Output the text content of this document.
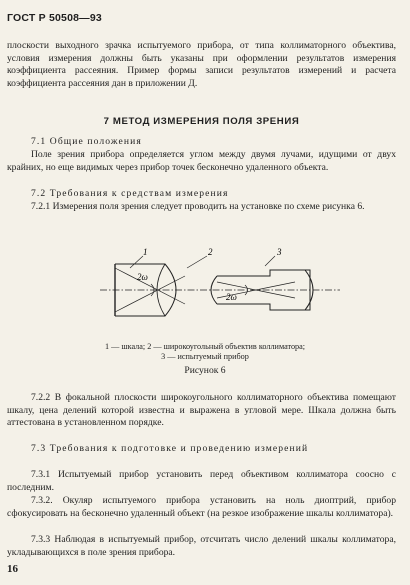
ГОСТ Р 50508—93
плоскости выходного зрачка испытуемого прибора, от типа коллиматорного объектива, условия измерения должны быть указаны при оформлении результатов измерения коэффициента рассеяния. Пример формы записи результатов измерений и расчета коэффициента рассеяния дан в приложении Д.
7 МЕТОД ИЗМЕРЕНИЯ ПОЛЯ ЗРЕНИЯ
7.1 Общие положения
Поле зрения прибора определяется углом между двумя лучами, идущими от двух крайних, но еще видимых через прибор точек бесконечно удаленного объекта.
7.2 Требования к средствам измерения
7.2.1 Измерения поля зрения следует проводить на установке по схеме рисунка 6.
2ω
2ω
1	2	3
1 — шкала; 2 — широкоугольный объектив коллиматора;
3 — испытуемый прибор
Рисунок 6
7.2.2 В фокальной плоскости широкоугольного коллиматорного объектива помещают шкалу, цена делений которой известна и выражена в угловой мере. Шкала должна быть аттестована в установленном порядке.
7.3 Требования к подготовке и проведению измерений
7.3.1 Испытуемый прибор установить перед объективом коллиматора соосно с последним.
7.3.2. Окуляр испытуемого прибора установить на ноль диоптрий, прибор сфокусировать на бесконечно удаленный объект (на резкое изображение шкалы коллиматора).
7.3.3 Наблюдая в испытуемый прибор, отсчитать число делений шкалы коллиматора, укладывающихся в поле зрения прибора.
16
